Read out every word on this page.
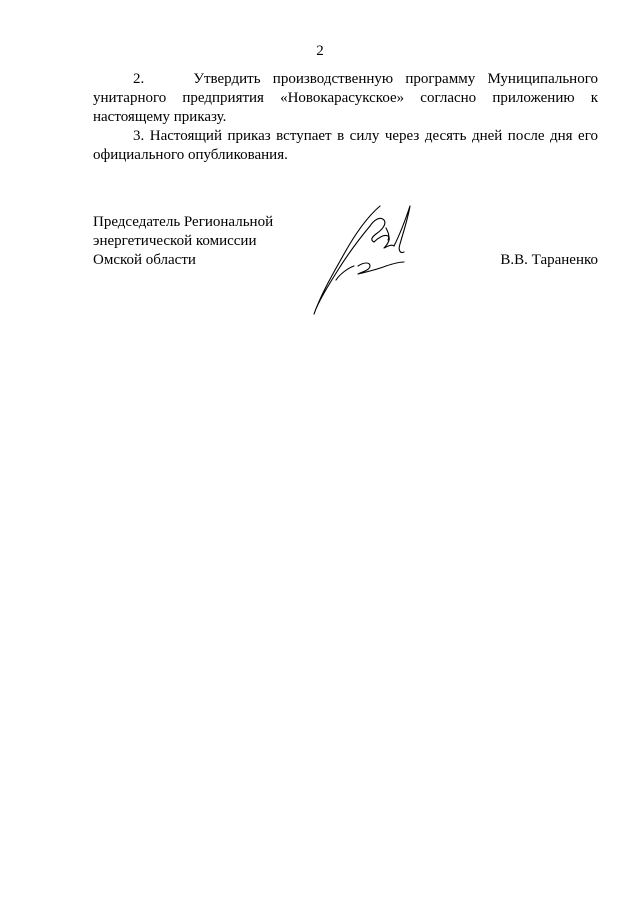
2

2.    Утвердить производственную программу Муниципального унитарного предприятия «Новокарасукское» согласно приложению к настоящему приказу.

3. Настоящий приказ вступает в силу через десять дней после дня его официального опубликования.

Председатель Региональной
энергетической комиссии
Омской области	В.В. Тараненко
